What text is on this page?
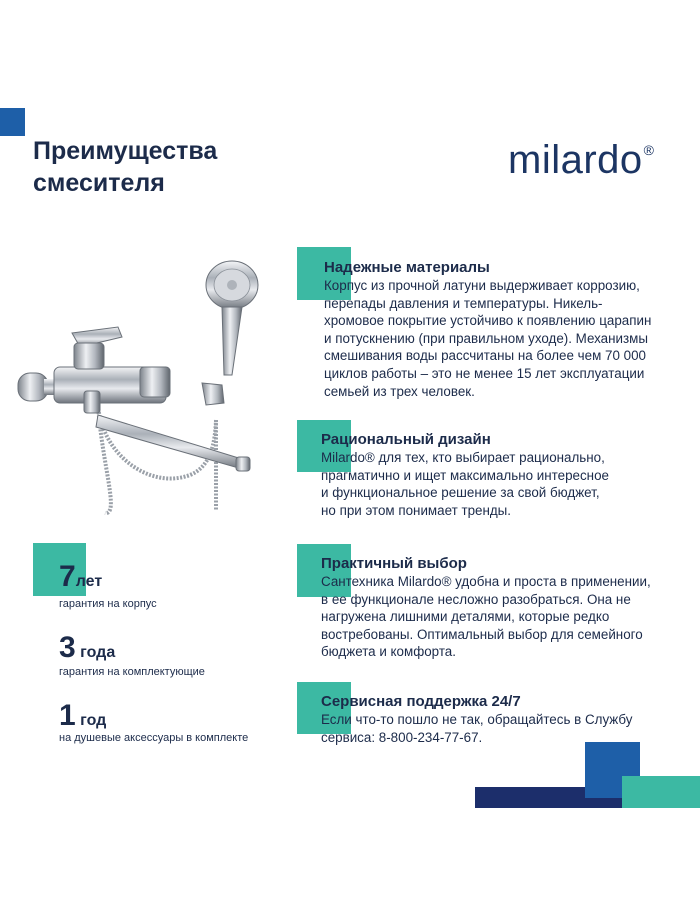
Преимущества
смесителя
milardo®
Надежные материалы
Корпус из прочной латуни выдерживает коррозию,
перепады давления и температуры. Никель-
хромовое покрытие устойчиво к появлению царапин
и потускнению (при правильном уходе). Механизмы
смешивания воды рассчитаны на более чем 70 000
циклов работы – это не менее 15 лет эксплуатации
семьей из трех человек.
Рациональный дизайн
Milardo® для тех, кто выбирает рационально,
прагматично и ищет максимально интересное
и функциональное решение за свой бюджет,
но при этом понимает тренды.
Практичный выбор
Сантехника Milardo® удобна и проста в применении,
в ее функционале несложно разобраться. Она не
нагружена лишними деталями, которые редко
востребованы. Оптимальный выбор для семейного
бюджета и комфорта.
Сервисная поддержка 24/7
Если что-то пошло не так, обращайтесь в Службу
сервиса: 8-800-234-77-67.
7лет
гарантия на корпус
3 года
гарантия на комплектующие
1 год
на душевые аксессуары в комплекте
